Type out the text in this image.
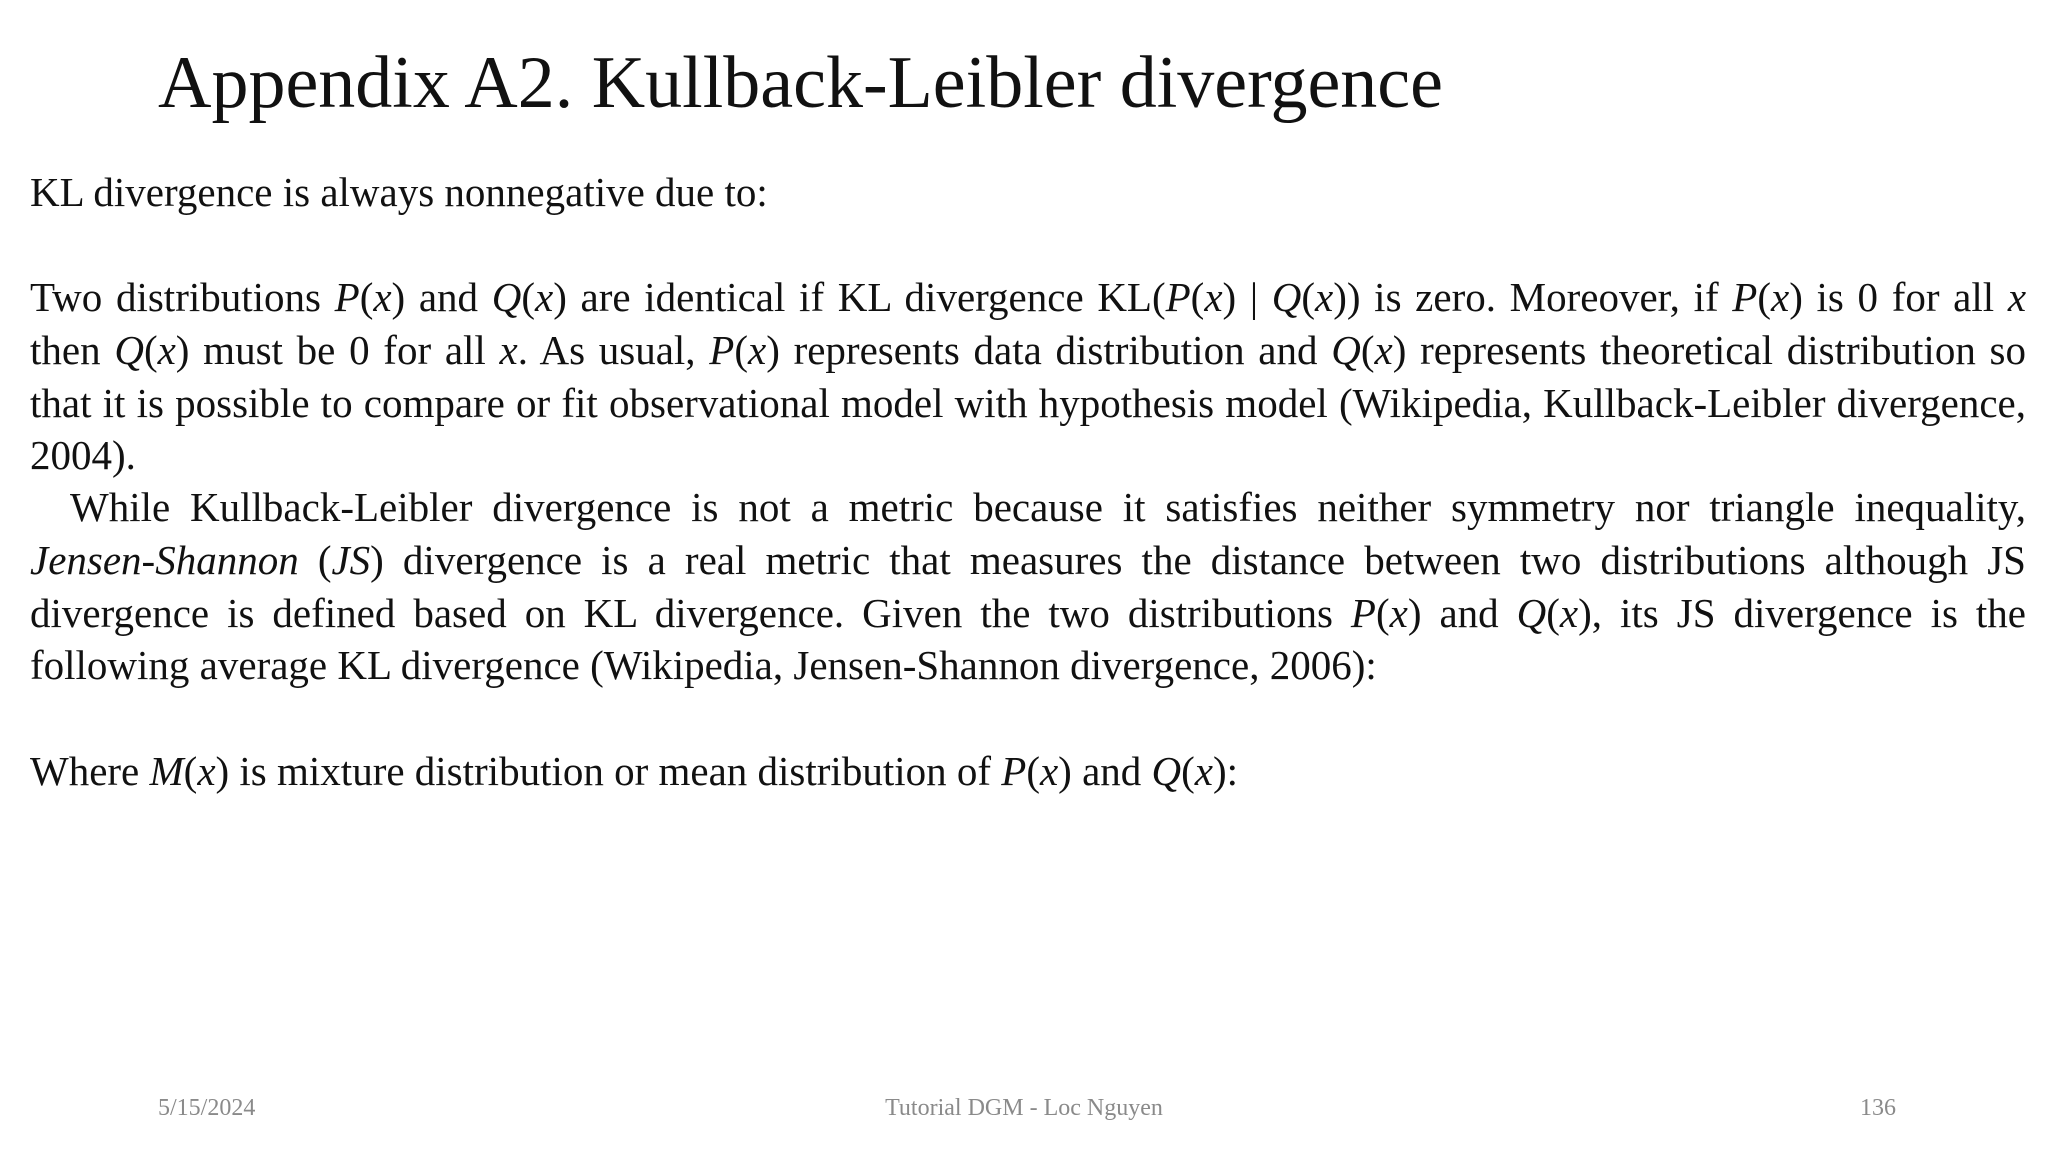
Appendix A2. Kullback-Leibler divergence

KL divergence is always nonnegative due to:

Two distributions P(x) and Q(x) are identical if KL divergence KL(P(x) | Q(x)) is zero. Moreover, if P(x) is 0 for all x then Q(x) must be 0 for all x. As usual, P(x) represents data distribution and Q(x) represents theoretical distribution so that it is possible to compare or fit observational model with hypothesis model (Wikipedia, Kullback-Leibler divergence, 2004).

While Kullback-Leibler divergence is not a metric because it satisfies neither symmetry nor triangle inequality, Jensen-Shannon (JS) divergence is a real metric that measures the distance between two distributions although JS divergence is defined based on KL divergence. Given the two distributions P(x) and Q(x), its JS divergence is the following average KL divergence (Wikipedia, Jensen-Shannon divergence, 2006):

Where M(x) is mixture distribution or mean distribution of P(x) and Q(x):

5/15/2024	Tutorial DGM - Loc Nguyen	136
